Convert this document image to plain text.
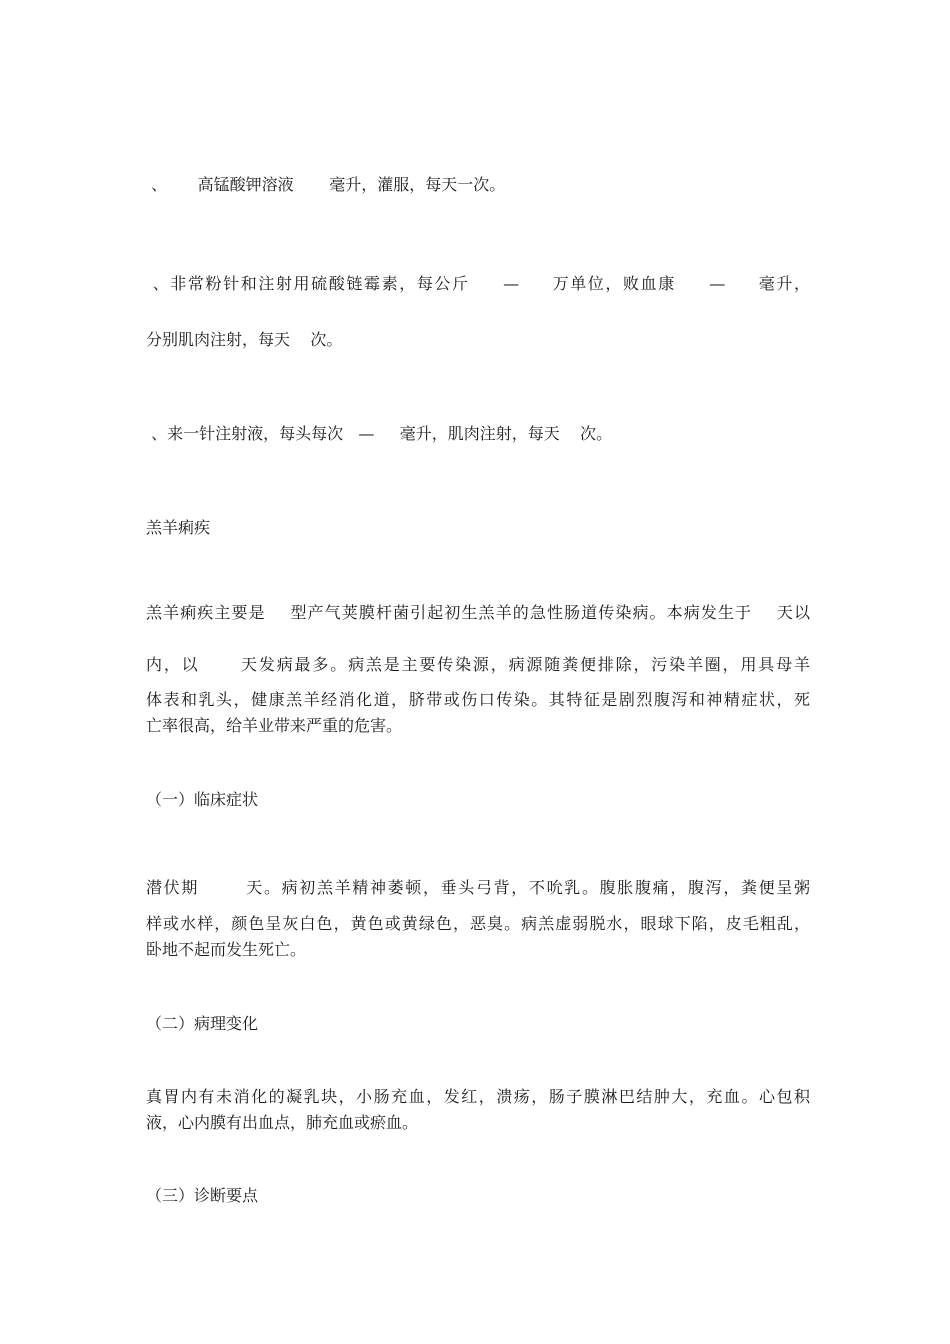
、      高锰酸钾溶液       毫升，灌服，每天一次。

、非常粉针和注射用硫酸链霉素，每公斤     —     万单位，败血康     —     毫升，

分别肌肉注射，每天    次。

、来一针注射液，每头每次   —     毫升，肌肉注射，每天    次。

羔羊痢疾

羔羊痢疾主要是    型产气荚膜杆菌引起初生羔羊的急性肠道传染病。本病发生于    天以

内，以      天发病最多。病羔是主要传染源，病源随粪便排除，污染羊圈，用具母羊

体表和乳头，健康羔羊经消化道，脐带或伤口传染。其特征是剧烈腹泻和神精症状，死

亡率很高，给羊业带来严重的危害。

（一）临床症状

潜伏期       天。病初羔羊精神萎顿，垂头弓背，不吮乳。腹胀腹痛，腹泻，粪便呈粥

样或水样，颜色呈灰白色，黄色或黄绿色，恶臭。病羔虚弱脱水，眼球下陷，皮毛粗乱，

卧地不起而发生死亡。

（二）病理变化

真胃内有未消化的凝乳块，小肠充血，发红，溃疡，肠子膜淋巴结肿大，充血。心包积

液，心内膜有出血点，肺充血或瘀血。

（三）诊断要点
